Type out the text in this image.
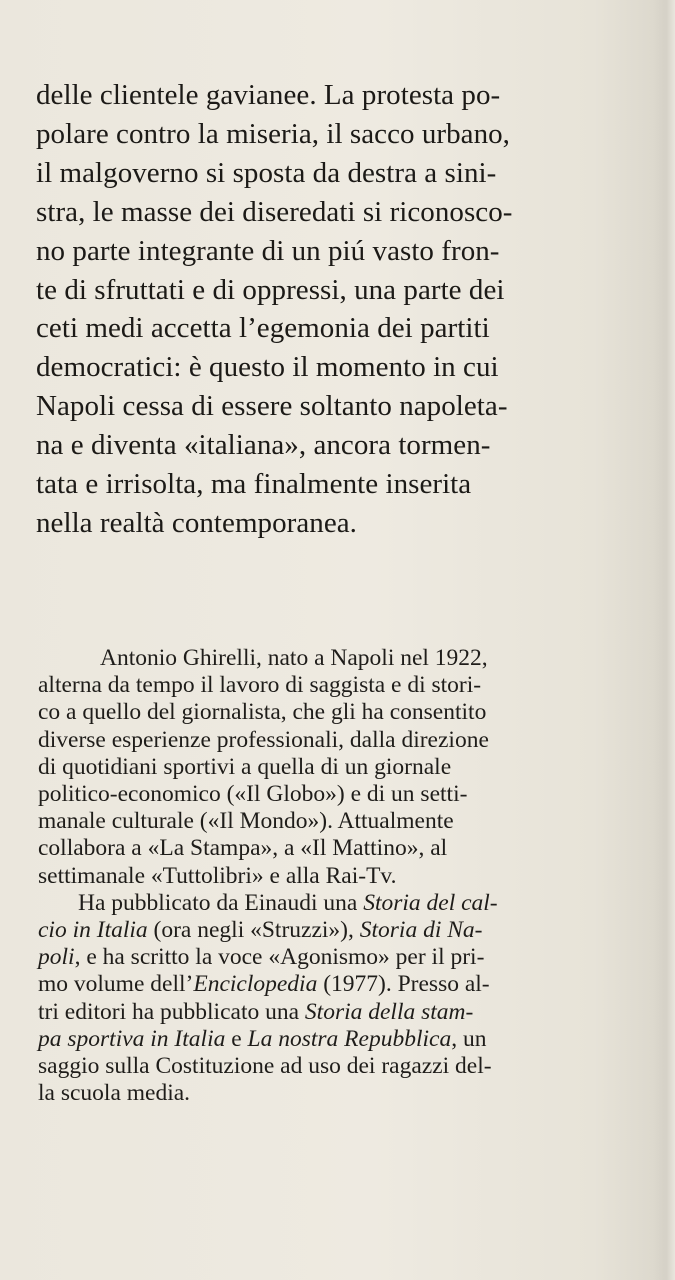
delle clientele gavianee. La protesta po-
polare contro la miseria, il sacco urbano,
il malgoverno si sposta da destra a sini-
stra, le masse dei diseredati si riconosco-
no parte integrante di un piú vasto fron-
te di sfruttati e di oppressi, una parte dei
ceti medi accetta l’egemonia dei partiti
democratici: è questo il momento in cui
Napoli cessa di essere soltanto napoleta-
na e diventa «italiana», ancora tormen-
tata e irrisolta, ma finalmente inserita
nella realtà contemporanea.
Antonio Ghirelli, nato a Napoli nel 1922,
alterna da tempo il lavoro di saggista e di stori-
co a quello del giornalista, che gli ha consentito
diverse esperienze professionali, dalla direzione
di quotidiani sportivi a quella di un giornale
politico-economico («Il Globo») e di un setti-
manale culturale («Il Mondo»). Attualmente
collabora a «La Stampa», a «Il Mattino», al
settimanale «Tuttolibri» e alla Rai-Tv.
Ha pubblicato da Einaudi una Storia del cal-
cio in Italia (ora negli «Struzzi»), Storia di Na-
poli, e ha scritto la voce «Agonismo» per il pri-
mo volume dell’Enciclopedia (1977). Presso al-
tri editori ha pubblicato una Storia della stam-
pa sportiva in Italia e La nostra Repubblica, un
saggio sulla Costituzione ad uso dei ragazzi del-
la scuola media.
